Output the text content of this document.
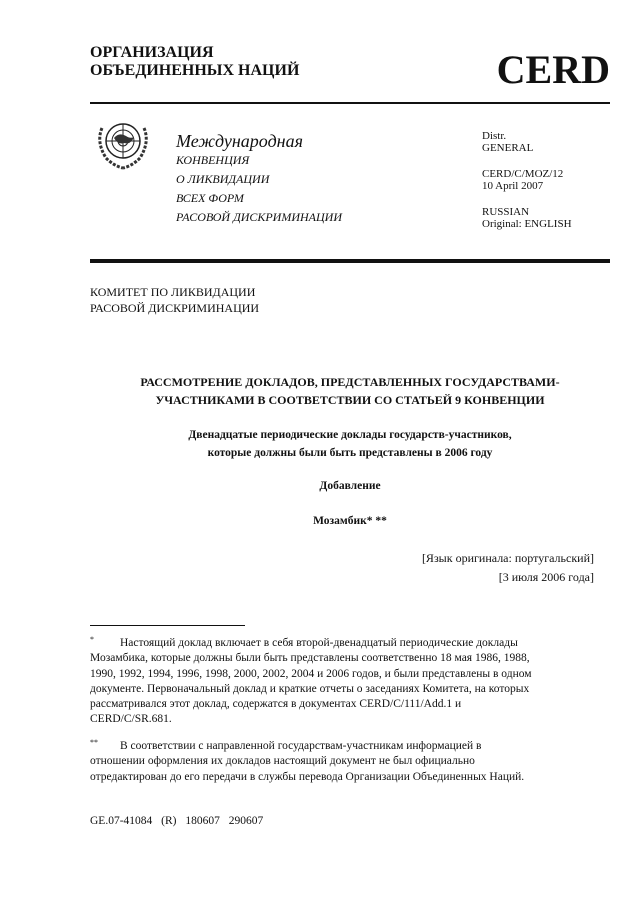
ОРГАНИЗАЦИЯ
ОБЪЕДИНЕННЫХ НАЦИЙ	CERD
Международная
КОНВЕНЦИЯ
О ЛИКВИДАЦИИ
ВСЕХ ФОРМ
РАСОВОЙ ДИСКРИМИНАЦИИ
Distr.
GENERAL
CERD/C/MOZ/12
10 April 2007
RUSSIAN
Original: ENGLISH
КОМИТЕТ ПО ЛИКВИДАЦИИ
РАСОВОЙ ДИСКРИМИНАЦИИ
РАССМОТРЕНИЕ ДОКЛАДОВ, ПРЕДСТАВЛЕННЫХ ГОСУДАРСТВАМИ-
УЧАСТНИКАМИ В СООТВЕТСТВИИ СО СТАТЬЕЙ 9 КОНВЕНЦИИ
Двенадцатые периодические доклады государств-участников,
которые должны были быть представлены в 2006 году
Добавление
Мозамбик* **
[Язык оригинала: португальский]
[3 июля 2006 года]
*	Настоящий доклад включает в себя второй-двенадцатый периодические доклады
Мозамбика, которые должны были быть представлены соответственно 18 мая 1986, 1988,
1990, 1992, 1994, 1996, 1998, 2000, 2002, 2004 и 2006 годов, и были представлены в одном
документе. Первоначальный доклад и краткие отчеты о заседаниях Комитета, на которых
рассматривался этот доклад, содержатся в документах CERD/C/111/Add.1 и
CERD/C/SR.681.
**	В соответствии с направленной государствам-участникам информацией в
отношении оформления их докладов настоящий документ не был официально
отредактирован до его передачи в службы перевода Организации Объединенных Наций.
GE.07-41084 (R) 180607 290607
